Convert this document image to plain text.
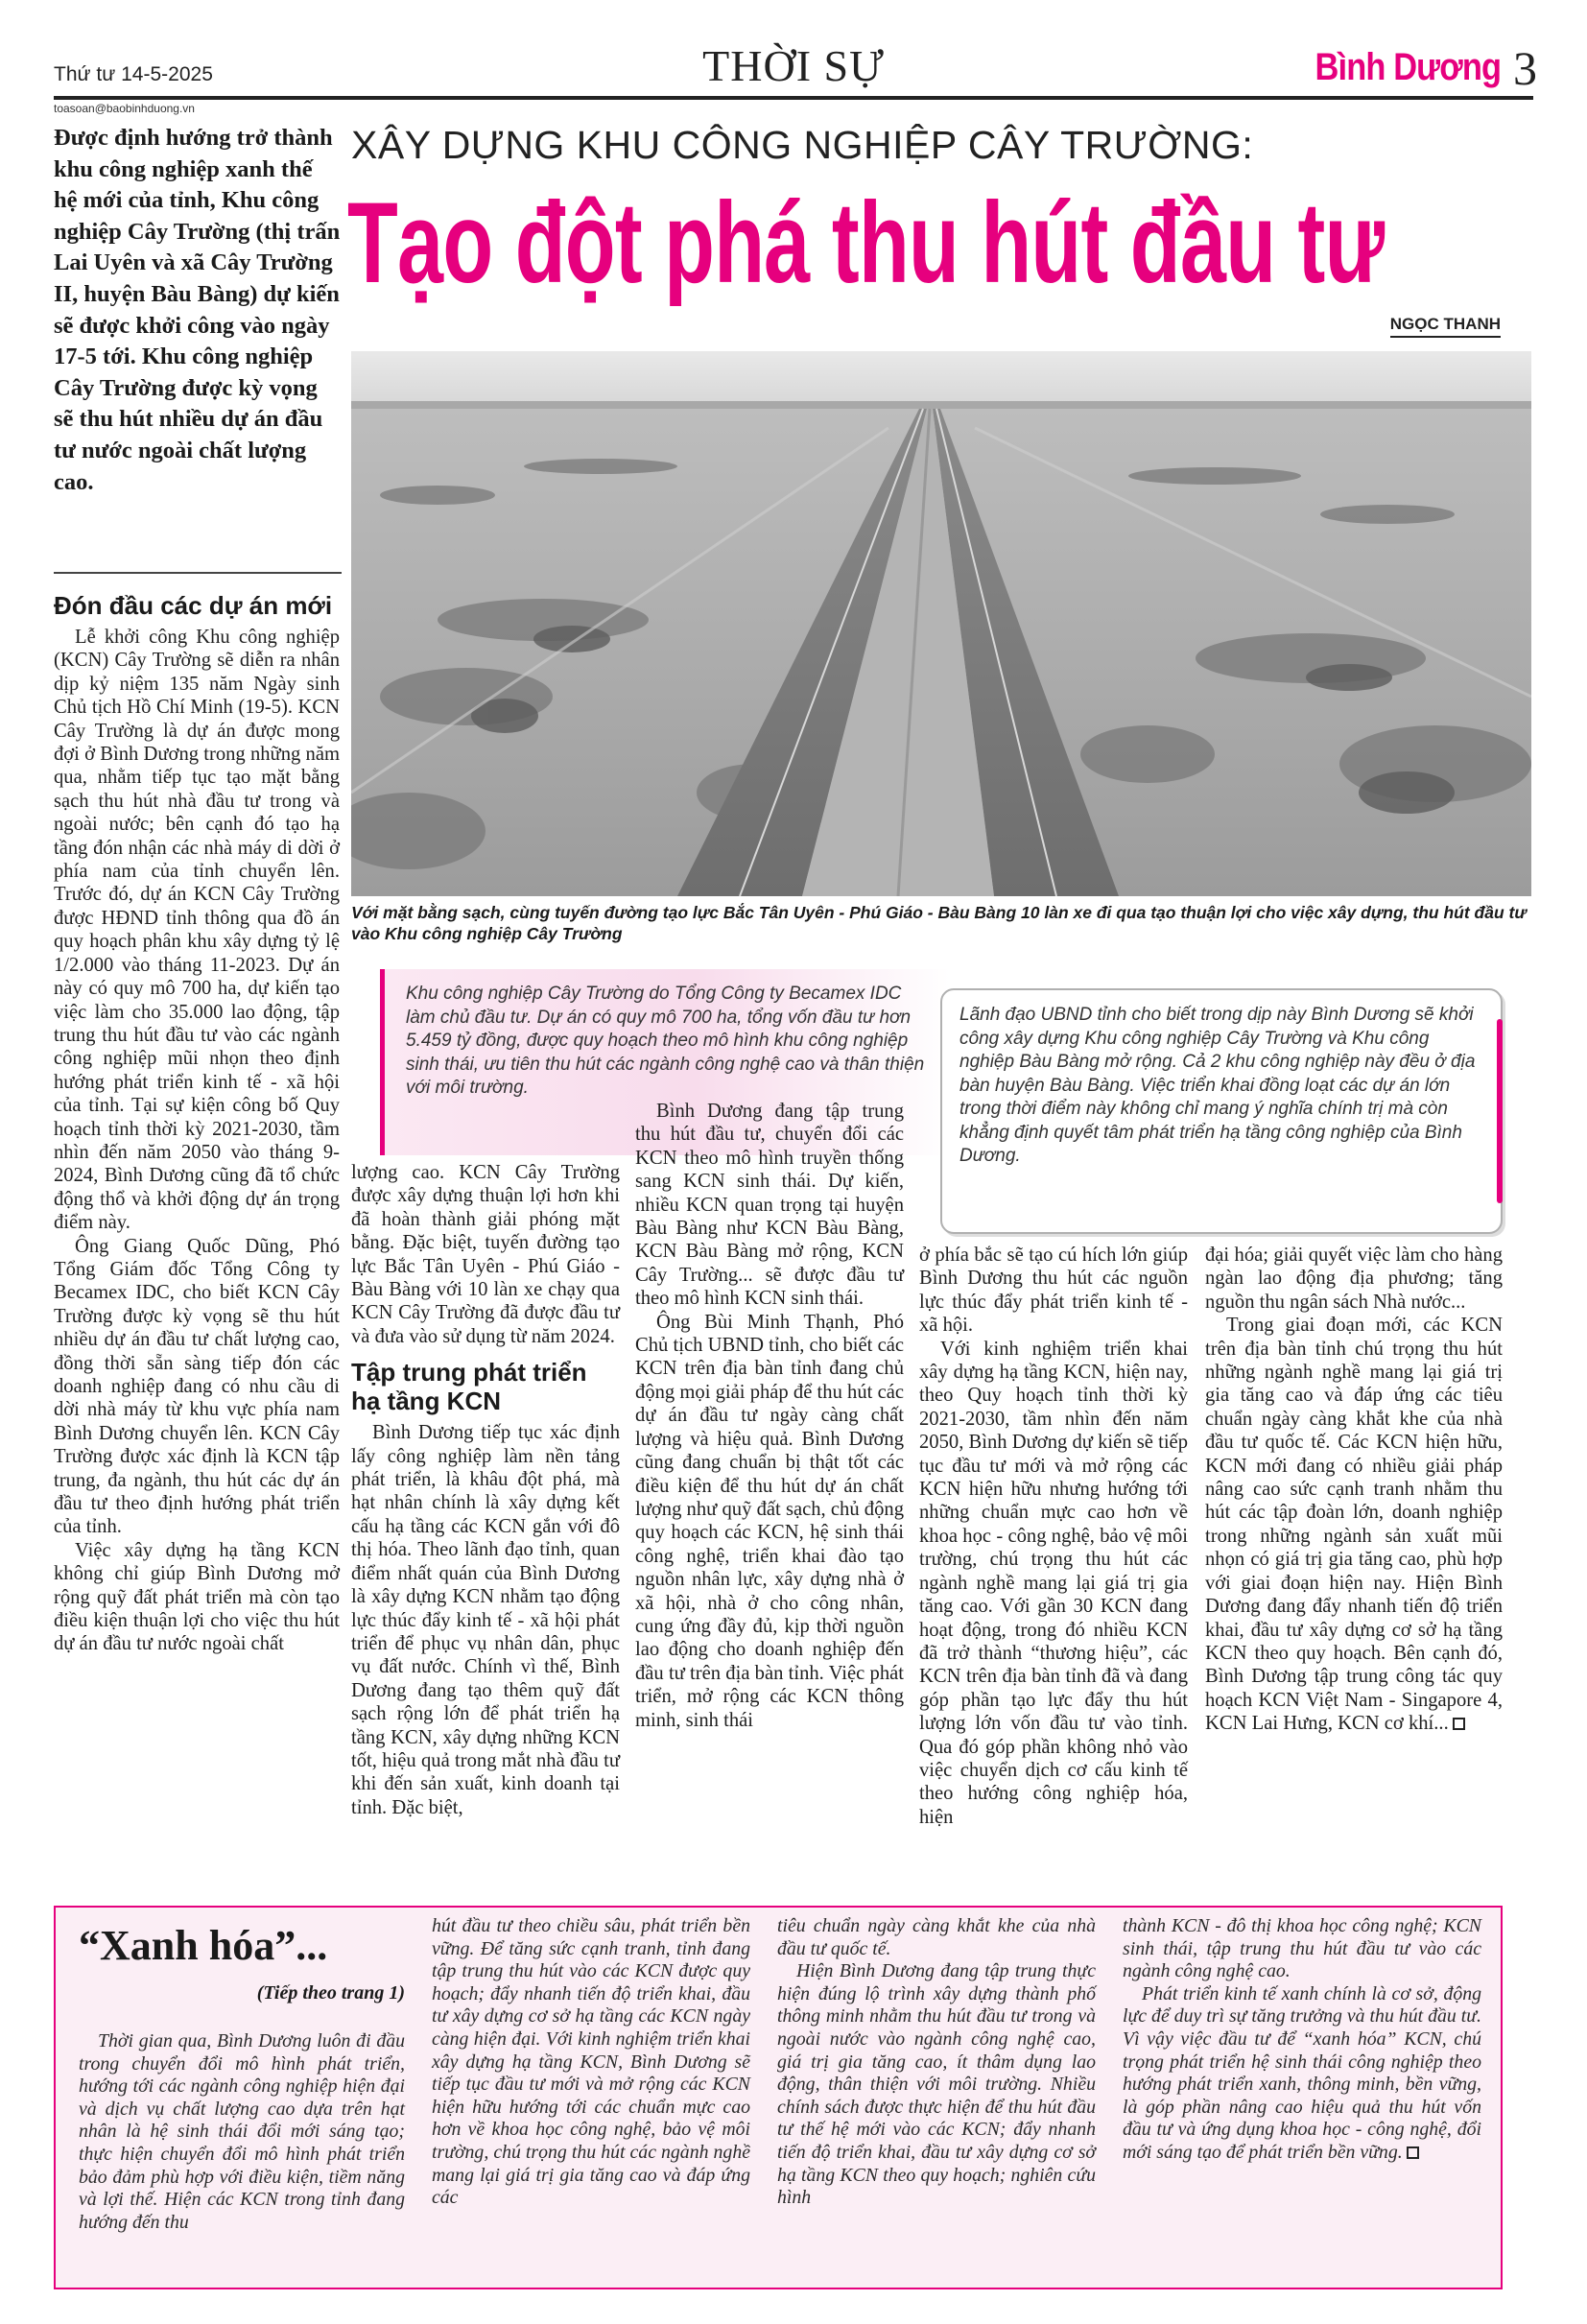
Thứ tư 14-5-2025	THỜI SỰ	Bình Dương 3
toasoan@baobinhduong.vn
Được định hướng trở thành khu công nghiệp xanh thế hệ mới của tỉnh, Khu công nghiệp Cây Trường (thị trấn Lai Uyên và xã Cây Trường II, huyện Bàu Bàng) dự kiến sẽ được khởi công vào ngày 17-5 tới. Khu công nghiệp Cây Trường được kỳ vọng sẽ thu hút nhiều dự án đầu tư nước ngoài chất lượng cao.
XÂY DỰNG KHU CÔNG NGHIỆP CÂY TRƯỜNG:
Tạo đột phá thu hút đầu tư
NGỌC THANH
Với mặt bằng sạch, cùng tuyến đường tạo lực Bắc Tân Uyên - Phú Giáo - Bàu Bàng 10 làn xe đi qua tạo thuận lợi cho việc xây dựng, thu hút đầu tư vào Khu công nghiệp Cây Trường
Khu công nghiệp Cây Trường do Tổng Công ty Becamex IDC làm chủ đầu tư. Dự án có quy mô 700 ha, tổng vốn đầu tư hơn 5.459 tỷ đồng, được quy hoạch theo mô hình khu công nghiệp sinh thái, ưu tiên thu hút các ngành công nghệ cao và thân thiện với môi trường.
Lãnh đạo UBND tỉnh cho biết trong dịp này Bình Dương sẽ khởi công xây dựng Khu công nghiệp Cây Trường và Khu công nghiệp Bàu Bàng mở rộng. Cả 2 khu công nghiệp này đều ở địa bàn huyện Bàu Bàng. Việc triển khai đồng loạt các dự án lớn trong thời điểm này không chỉ mang ý nghĩa chính trị mà còn khẳng định quyết tâm phát triển hạ tầng công nghiệp của Bình Dương.
Đón đầu các dự án mới

Lễ khởi công Khu công nghiệp (KCN) Cây Trường sẽ diễn ra nhân dịp kỷ niệm 135 năm Ngày sinh Chủ tịch Hồ Chí Minh (19-5). KCN Cây Trường là dự án được mong đợi ở Bình Dương trong những năm qua, nhằm tiếp tục tạo mặt bằng sạch thu hút nhà đầu tư trong và ngoài nước; bên cạnh đó tạo hạ tầng đón nhận các nhà máy di dời ở phía nam của tỉnh chuyển lên. Trước đó, dự án KCN Cây Trường được HĐND tỉnh thông qua đồ án quy hoạch phân khu xây dựng tỷ lệ 1/2.000 vào tháng 11-2023. Dự án này có quy mô 700 ha, dự kiến tạo việc làm cho 35.000 lao động, tập trung thu hút đầu tư vào các ngành công nghiệp mũi nhọn theo định hướng phát triển kinh tế - xã hội của tỉnh. Tại sự kiện công bố Quy hoạch tỉnh thời kỳ 2021-2030, tầm nhìn đến năm 2050 vào tháng 9-2024, Bình Dương cũng đã tổ chức động thổ và khởi động dự án trọng điểm này.

Ông Giang Quốc Dũng, Phó Tổng Giám đốc Tổng Công ty Becamex IDC, cho biết KCN Cây Trường được kỳ vọng sẽ thu hút nhiều dự án đầu tư chất lượng cao, đồng thời sẵn sàng tiếp đón các doanh nghiệp đang có nhu cầu di dời nhà máy từ khu vực phía nam Bình Dương chuyển lên. KCN Cây Trường được xác định là KCN tập trung, đa ngành, thu hút các dự án đầu tư theo định hướng phát triển của tỉnh.

Việc xây dựng hạ tầng KCN không chỉ giúp Bình Dương mở rộng quỹ đất phát triển mà còn tạo điều kiện thuận lợi cho việc thu hút dự án đầu tư nước ngoài chất

lượng cao. KCN Cây Trường được xây dựng thuận lợi hơn khi đã hoàn thành giải phóng mặt bằng. Đặc biệt, tuyến đường tạo lực Bắc Tân Uyên - Phú Giáo - Bàu Bàng với 10 làn xe chạy qua KCN Cây Trường đã được đầu tư và đưa vào sử dụng từ năm 2024.

Tập trung phát triển hạ tầng KCN

Bình Dương tiếp tục xác định lấy công nghiệp làm nền tảng phát triển, là khâu đột phá, mà hạt nhân chính là xây dựng kết cấu hạ tầng các KCN gắn với đô thị hóa. Theo lãnh đạo tỉnh, quan điểm nhất quán của Bình Dương là xây dựng KCN nhằm tạo động lực thúc đẩy kinh tế - xã hội phát triển để phục vụ nhân dân, phục vụ đất nước. Chính vì thế, Bình Dương đang tạo thêm quỹ đất sạch rộng lớn để phát triển hạ tầng KCN, xây dựng những KCN tốt, hiệu quả trong mắt nhà đầu tư khi đến sản xuất, kinh doanh tại tỉnh. Đặc biệt,

Bình Dương đang tập trung thu hút đầu tư, chuyển đổi các KCN theo mô hình truyền thống sang KCN sinh thái. Dự kiến, nhiều KCN quan trọng tại huyện Bàu Bàng như KCN Bàu Bàng, KCN Bàu Bàng mở rộng, KCN Cây Trường... sẽ được đầu tư theo mô hình KCN sinh thái.

Ông Bùi Minh Thạnh, Phó Chủ tịch UBND tỉnh, cho biết các KCN trên địa bàn tỉnh đang chủ động mọi giải pháp để thu hút các dự án đầu tư ngày càng chất lượng và hiệu quả. Bình Dương cũng đang chuẩn bị thật tốt các điều kiện để thu hút dự án chất lượng như quỹ đất sạch, chủ động quy hoạch các KCN, hệ sinh thái công nghệ, triển khai đào tạo nguồn nhân lực, xây dựng nhà ở xã hội, nhà ở cho công nhân, cung ứng đầy đủ, kịp thời nguồn lao động cho doanh nghiệp đến đầu tư trên địa bàn tỉnh. Việc phát triển, mở rộng các KCN thông minh, sinh thái

ở phía bắc sẽ tạo cú hích lớn giúp Bình Dương thu hút các nguồn lực thúc đẩy phát triển kinh tế - xã hội.

Với kinh nghiệm triển khai xây dựng hạ tầng KCN, hiện nay, theo Quy hoạch tỉnh thời kỳ 2021-2030, tầm nhìn đến năm 2050, Bình Dương dự kiến sẽ tiếp tục đầu tư mới và mở rộng các KCN hiện hữu nhưng hướng tới những chuẩn mực cao hơn về khoa học - công nghệ, bảo vệ môi trường, chú trọng thu hút các ngành nghề mang lại giá trị gia tăng cao. Với gần 30 KCN đang hoạt động, trong đó nhiều KCN đã trở thành “thương hiệu”, các KCN trên địa bàn tỉnh đã và đang góp phần tạo lực đẩy thu hút lượng lớn vốn đầu tư vào tỉnh. Qua đó góp phần không nhỏ vào việc chuyển dịch cơ cấu kinh tế theo hướng công nghiệp hóa, hiện

đại hóa; giải quyết việc làm cho hàng ngàn lao động địa phương; tăng nguồn thu ngân sách Nhà nước...

Trong giai đoạn mới, các KCN trên địa bàn tỉnh chú trọng thu hút những ngành nghề mang lại giá trị gia tăng cao và đáp ứng các tiêu chuẩn ngày càng khắt khe của nhà đầu tư quốc tế. Các KCN hiện hữu, KCN mới đang có nhiều giải pháp nâng cao sức cạnh tranh nhằm thu hút các tập đoàn lớn, doanh nghiệp trong những ngành sản xuất mũi nhọn có giá trị gia tăng cao, phù hợp với giai đoạn hiện nay. Hiện Bình Dương đang đẩy nhanh tiến độ triển khai, đầu tư xây dựng cơ sở hạ tầng KCN theo quy hoạch. Bên cạnh đó, Bình Dương tập trung công tác quy hoạch KCN Việt Nam - Singapore 4, KCN Lai Hưng, KCN cơ khí...

“Xanh hóa”...
(Tiếp theo trang 1)

Thời gian qua, Bình Dương luôn đi đầu trong chuyển đổi mô hình phát triển, hướng tới các ngành công nghiệp hiện đại và dịch vụ chất lượng cao dựa trên hạt nhân là hệ sinh thái đổi mới sáng tạo; thực hiện chuyển đổi mô hình phát triển bảo đảm phù hợp với điều kiện, tiềm năng và lợi thế. Hiện các KCN trong tỉnh đang hướng đến thu

hút đầu tư theo chiều sâu, phát triển bền vững. Để tăng sức cạnh tranh, tỉnh đang tập trung thu hút vào các KCN được quy hoạch; đẩy nhanh tiến độ triển khai, đầu tư xây dựng cơ sở hạ tầng các KCN ngày càng hiện đại. Với kinh nghiệm triển khai xây dựng hạ tầng KCN, Bình Dương sẽ tiếp tục đầu tư mới và mở rộng các KCN hiện hữu hướng tới các chuẩn mực cao hơn về khoa học công nghệ, bảo vệ môi trường, chú trọng thu hút các ngành nghề mang lại giá trị gia tăng cao và đáp ứng các

tiêu chuẩn ngày càng khắt khe của nhà đầu tư quốc tế.

Hiện Bình Dương đang tập trung thực hiện đúng lộ trình xây dựng thành phố thông minh nhằm thu hút đầu tư trong và ngoài nước vào ngành công nghệ cao, giá trị gia tăng cao, ít thâm dụng lao động, thân thiện với môi trường. Nhiều chính sách được thực hiện để thu hút đầu tư thế hệ mới vào các KCN; đẩy nhanh tiến độ triển khai, đầu tư xây dựng cơ sở hạ tầng KCN theo quy hoạch; nghiên cứu hình

thành KCN - đô thị khoa học công nghệ; KCN sinh thái, tập trung thu hút đầu tư vào các ngành công nghệ cao.

Phát triển kinh tế xanh chính là cơ sở, động lực để duy trì sự tăng trưởng và thu hút đầu tư. Vì vậy việc đầu tư để “xanh hóa” KCN, chú trọng phát triển hệ sinh thái công nghiệp theo hướng phát triển xanh, thông minh, bền vững, là góp phần nâng cao hiệu quả thu hút vốn đầu tư và ứng dụng khoa học - công nghệ, đổi mới sáng tạo để phát triển bền vững.
